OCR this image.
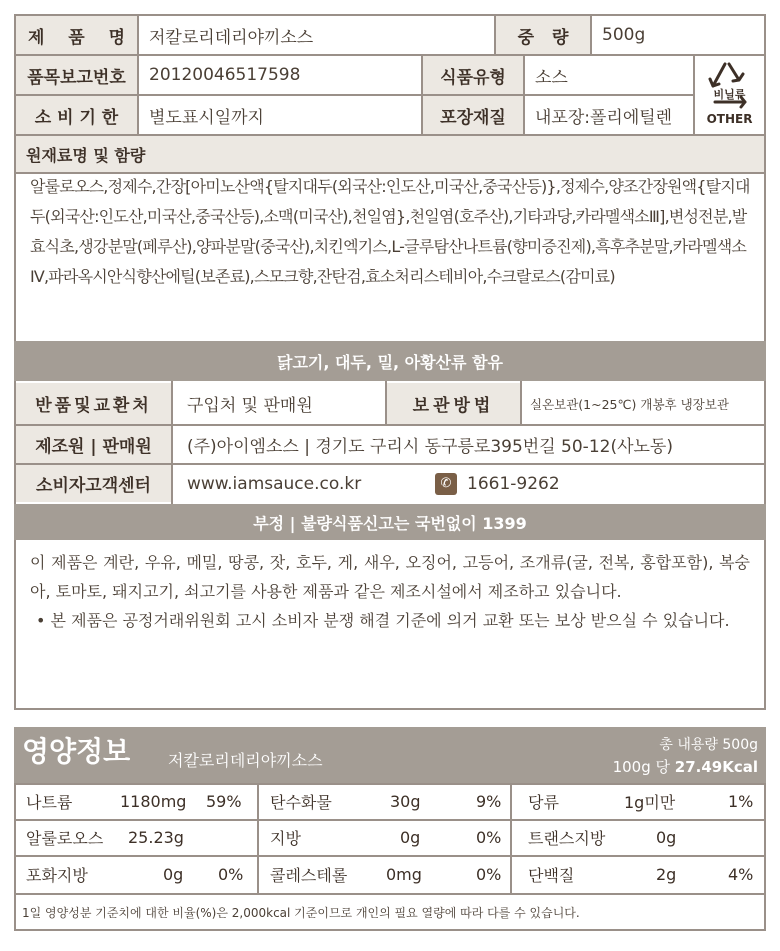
제 품 명	저칼로리데리야끼소스	중 량	500g
품목보고번호	20120046517598	식품유형	소스
소 비 기 한	별도표시일까지	포장재질	내포장:폴리에틸렌
비닐류
OTHER
원재료명 및 함량
알룰로오스,정제수,간장[아미노산액{탈지대두(외국산:인도산,미국산,중국산등)},정제수,양조간장원액{탈지대두(외국산:인도산,미국산,중국산등),소맥(미국산),천일염},천일염(호주산),기타과당,카라멜색소Ⅲ],변성전분,발효식초,생강분말(페루산),양파분말(중국산),치킨엑기스,L-글루탐산나트륨(향미증진제),흑후추분말,카라멜색소Ⅳ,파라옥시안식향산에틸(보존료),스모크향,잔탄검,효소처리스테비아,수크랄로스(감미료)
닭고기, 대두, 밀, 아황산류 함유
반품및교환처	구입처 및 판매원	보관방법	실온보관(1~25℃) 개봉후 냉장보관
제조원 | 판매원	(주)아이엠소스 | 경기도 구리시 동구릉로395번길 50-12(사노동)
소비자고객센터	www.iamsauce.co.kr	✆ 1661-9262
부정 | 불량식품신고는 국번없이 1399
이 제품은 계란, 우유, 메밀, 땅콩, 잣, 호두, 게, 새우, 오징어, 고등어, 조개류(굴, 전복, 홍합포함), 복숭아, 토마토, 돼지고기, 쇠고기를 사용한 제품과 같은 제조시설에서 제조하고 있습니다.
• 본 제품은 공정거래위원회 고시 소비자 분쟁 해결 기준에 의거 교환 또는 보상 받으실 수 있습니다.
영양정보 저칼로리데리야끼소스
총 내용량 500g
100g 당 27.49Kcal
나트륨	1180mg 59% 탄수화물	30g	9% 당류	1g미만	1%
알룰로오스 25.23g	지방	0g	0% 트랜스지방	0g
포화지방	0g 0% 콜레스테롤 0mg	0% 단백질	2g	4%
1일 영양성분 기준치에 대한 비율(%)은 2,000kcal 기준이므로 개인의 필요 열량에 따라 다를 수 있습니다.
